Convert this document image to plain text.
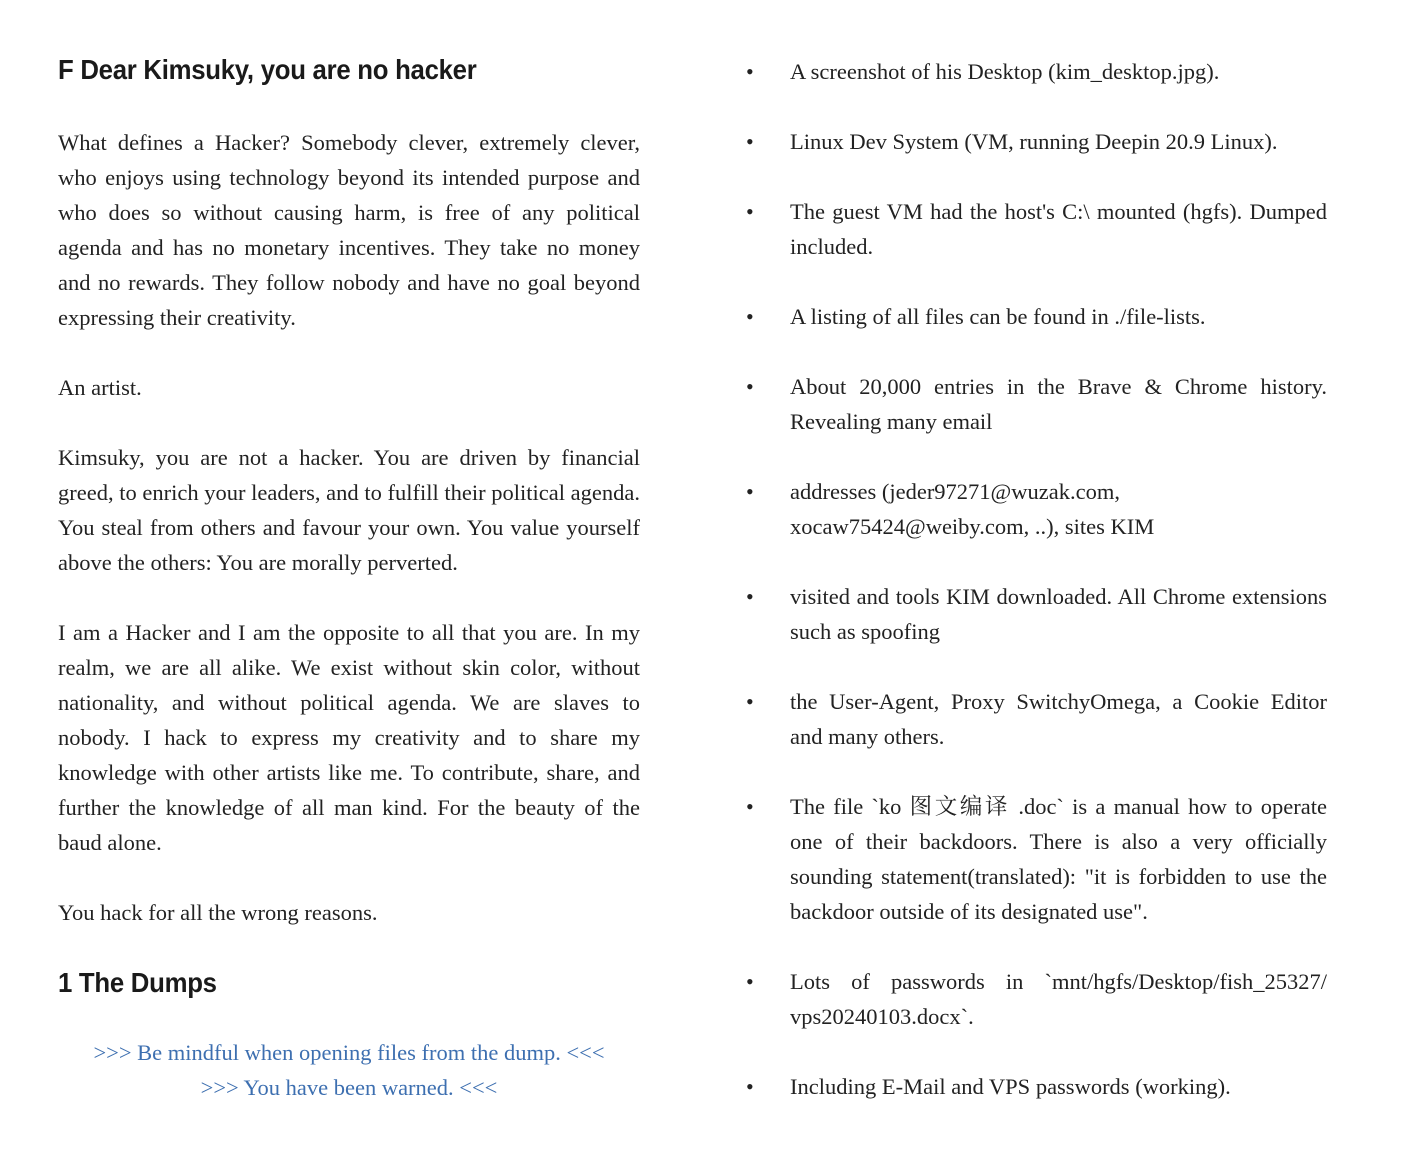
F Dear Kimsuky, you are no hacker

What defines a Hacker? Somebody clever, extremely clever, who enjoys using technology beyond its intended purpose and who does so without causing harm, is free of any political agenda and has no monetary incentives. They take no money and no rewards. They follow nobody and have no goal beyond expressing their creativity.

An artist.

Kimsuky, you are not a hacker. You are driven by financial greed, to enrich your leaders, and to fulfill their political agenda. You steal from others and favour your own. You value yourself above the others: You are morally perverted.

I am a Hacker and I am the opposite to all that you are. In my realm, we are all alike. We exist without skin color, without nationality, and without political agenda. We are slaves to nobody. I hack to express my creativity and to share my knowledge with other artists like me. To contribute, share, and further the knowledge of all man kind. For the beauty of the baud alone.

You hack for all the wrong reasons.

1 The Dumps
>>> Be mindful when opening files from the dump. <<<
>>> You have been warned. <<<
• A screenshot of his Desktop (kim_desktop.jpg).
• Linux Dev System (VM, running Deepin 20.9 Linux).
• The guest VM had the host's C:\ mounted (hgfs). Dumped included.
• A listing of all files can be found in ./file-lists.
• About 20,000 entries in the Brave & Chrome history. Revealing many email
• addresses (jeder97271@wuzak.com, xocaw75424@weiby.com, ..), sites KIM
• visited and tools KIM downloaded. All Chrome extensions such as spoofing
• the User-Agent, Proxy SwitchyOmega, a Cookie Editor and many others.
• The file `ko 图文编译 .doc` is a manual how to operate one of their backdoors. There is also a very officially sounding statement(translated): "it is forbidden to use the backdoor outside of its designated use".
• Lots of passwords in `mnt/hgfs/Desktop/fish_25327/ vps20240103.docx`.
• Including E-Mail and VPS passwords (working).
